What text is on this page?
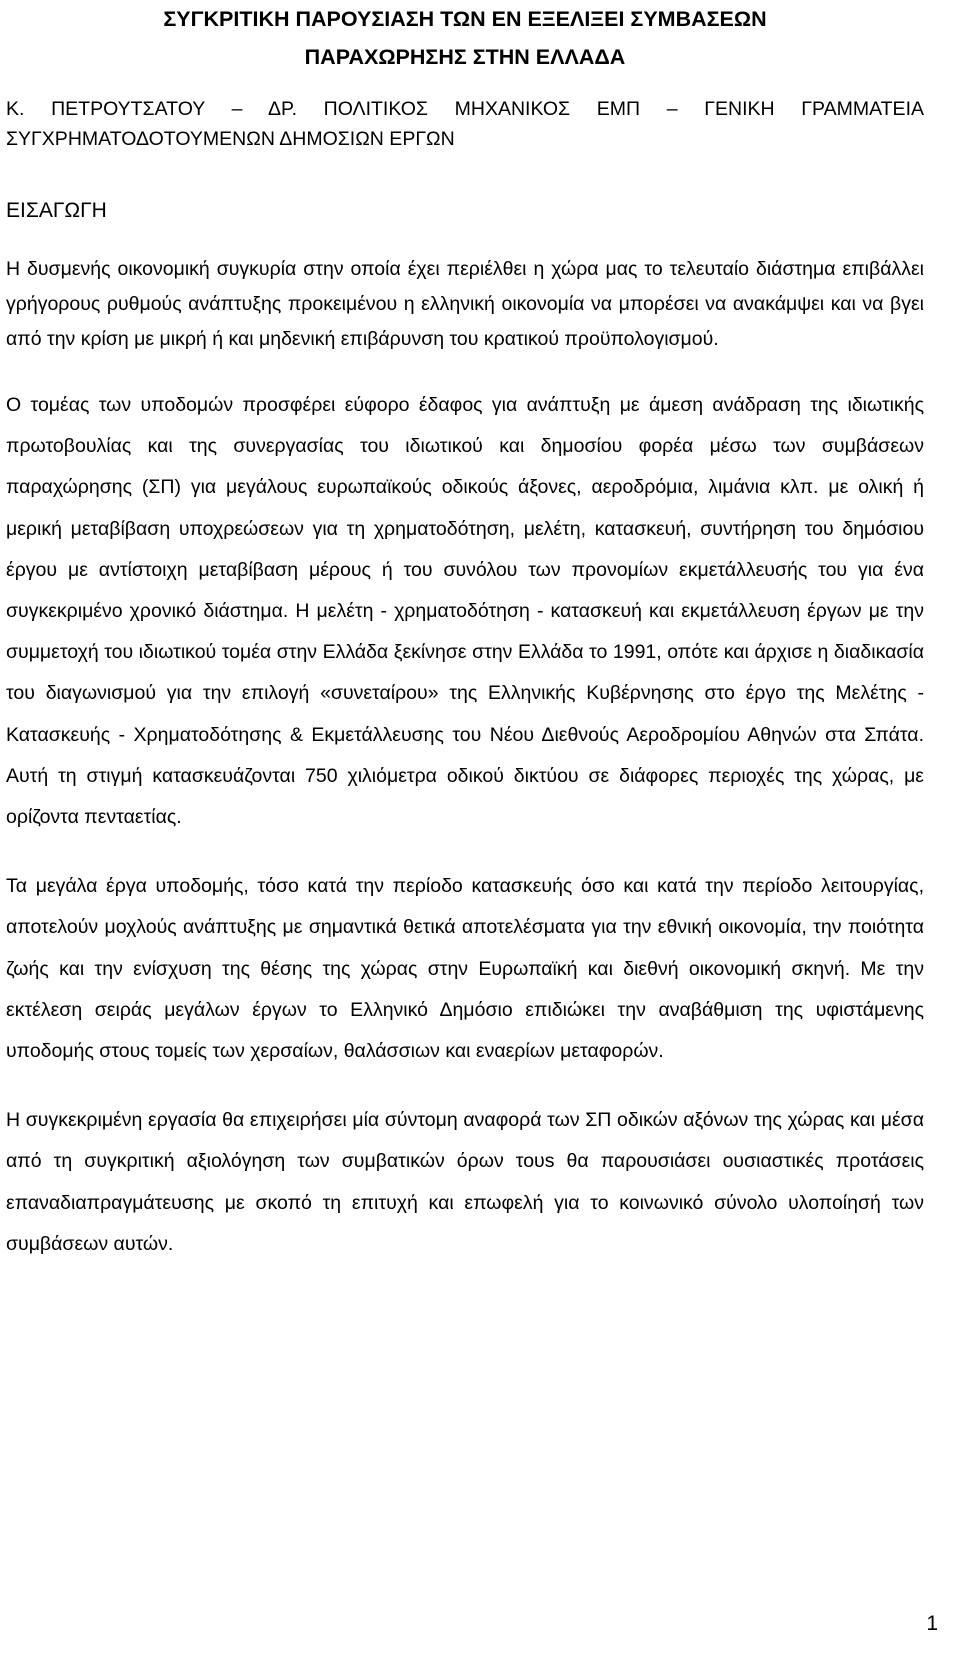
ΣΥΓΚΡΙΤΙΚΗ ΠΑΡΟΥΣΙΑΣΗ ΤΩΝ ΕΝ ΕΞΕΛΙΞΕΙ ΣΥΜΒΑΣΕΩΝ
ΠΑΡΑΧΩΡΗΣΗΣ ΣΤΗΝ ΕΛΛΑΔΑ
Κ. ΠΕΤΡΟΥΤΣΑΤΟΥ – ΔΡ. ΠΟΛΙΤΙΚΟΣ ΜΗΧΑΝΙΚΟΣ ΕΜΠ – ΓΕΝΙΚΗ ΓΡΑΜΜΑΤΕΙΑ
ΣΥΓΧΡΗΜΑΤΟΔΟΤΟΥΜΕΝΩΝ ΔΗΜΟΣΙΩΝ ΕΡΓΩΝ
ΕΙΣΑΓΩΓΗ

Η δυσμενής οικονομική συγκυρία στην οποία έχει περιέλθει η χώρα μας το τελευταίο διάστημα επιβάλλει γρήγορους ρυθμούς ανάπτυξης προκειμένου η ελληνική οικονομία να μπορέσει να ανακάμψει και να βγει από την κρίση με μικρή ή και μηδενική επιβάρυνση του κρατικού προϋπολογισμού.

Ο τομέας των υποδομών προσφέρει εύφορο έδαφος για ανάπτυξη με άμεση ανάδραση της ιδιωτικής πρωτοβουλίας και της συνεργασίας του ιδιωτικού και δημοσίου φορέα μέσω των συμβάσεων παραχώρησης (ΣΠ) για μεγάλους ευρωπαϊκούς οδικούς άξονες, αεροδρόμια, λιμάνια κλπ. με ολική ή μερική μεταβίβαση υποχρεώσεων για τη χρηματοδότηση, μελέτη, κατασκευή, συντήρηση του δημόσιου έργου με αντίστοιχη μεταβίβαση μέρους ή του συνόλου των προνομίων εκμετάλλευσής του για ένα συγκεκριμένο χρονικό διάστημα. Η μελέτη - χρηματοδότηση - κατασκευή και εκμετάλλευση έργων με την συμμετοχή του ιδιωτικού τομέα στην Ελλάδα ξεκίνησε στην Ελλάδα το 1991, οπότε και άρχισε η διαδικασία του διαγωνισμού για την επιλογή «συνεταίρου» της Ελληνικής Κυβέρνησης στο έργο της Μελέτης - Κατασκευής - Χρηματοδότησης & Εκμετάλλευσης του Νέου Διεθνούς Αεροδρομίου Αθηνών στα Σπάτα. Αυτή τη στιγμή κατασκευάζονται 750 χιλιόμετρα οδικού δικτύου σε διάφορες περιοχές της χώρας, με ορίζοντα πενταετίας.

Τα μεγάλα έργα υποδομής, τόσο κατά την περίοδο κατασκευής όσο και κατά την περίοδο λειτουργίας, αποτελούν μοχλούς ανάπτυξης με σημαντικά θετικά αποτελέσματα για την εθνική οικονομία, την ποιότητα ζωής και την ενίσχυση της θέσης της χώρας στην Ευρωπαϊκή και διεθνή οικονομική σκηνή. Με την εκτέλεση σειράς μεγάλων έργων το Ελληνικό Δημόσιο επιδιώκει την αναβάθμιση της υφιστάμενης υποδομής στους τομείς των χερσαίων, θαλάσσιων και εναερίων μεταφορών.

Η συγκεκριμένη εργασία θα επιχειρήσει μία σύντομη αναφορά των ΣΠ οδικών αξόνων της χώρας και μέσα από τη συγκριτική αξιολόγηση των συμβατικών όρων τουs θα παρουσιάσει ουσιαστικές προτάσεις επαναδιαπραγμάτευσης με σκοπό τη επιτυχή και επωφελή για το κοινωνικό σύνολο υλοποίησή των συμβάσεων αυτών.

1
